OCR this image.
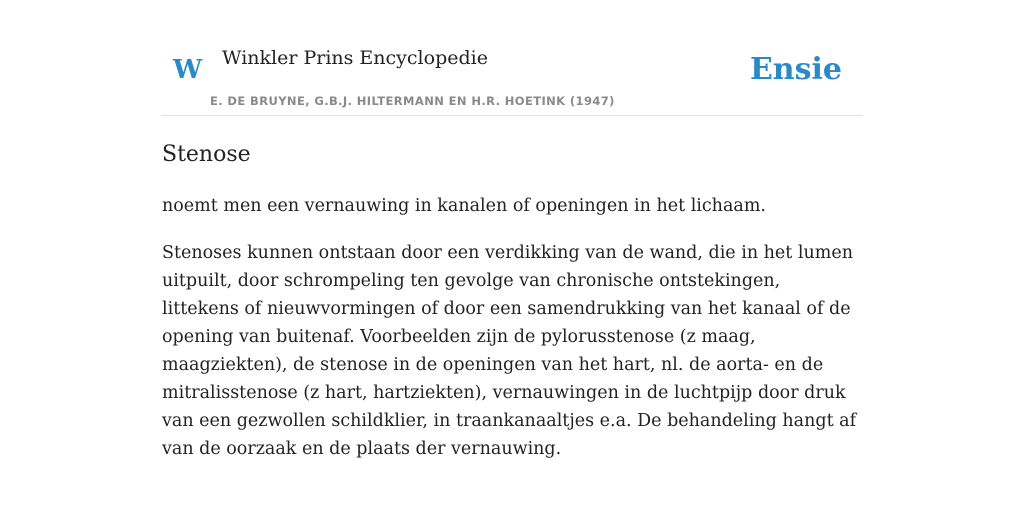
W Winkler Prins Encyclopedie
E. DE BRUYNE, G.B.J. HILTERMANN EN H.R. HOETINK (1947)
Ensie
Stenose

noemt men een vernauwing in kanalen of openingen in het lichaam.

Stenoses kunnen ontstaan door een verdikking van de wand, die in het lumen uitpuilt, door schrompeling ten gevolge van chronische ontstekingen, littekens of nieuwvormingen of door een samendrukking van het kanaal of de opening van buitenaf. Voorbeelden zijn de pylorusstenose (z maag, maagziekten), de stenose in de openingen van het hart, nl. de aorta- en de mitralisstenose (z hart, hartziekten), vernauwingen in de luchtpijp door druk van een gezwollen schildklier, in traankanaaltjes e.a. De behandeling hangt af van de oorzaak en de plaats der vernauwing.
